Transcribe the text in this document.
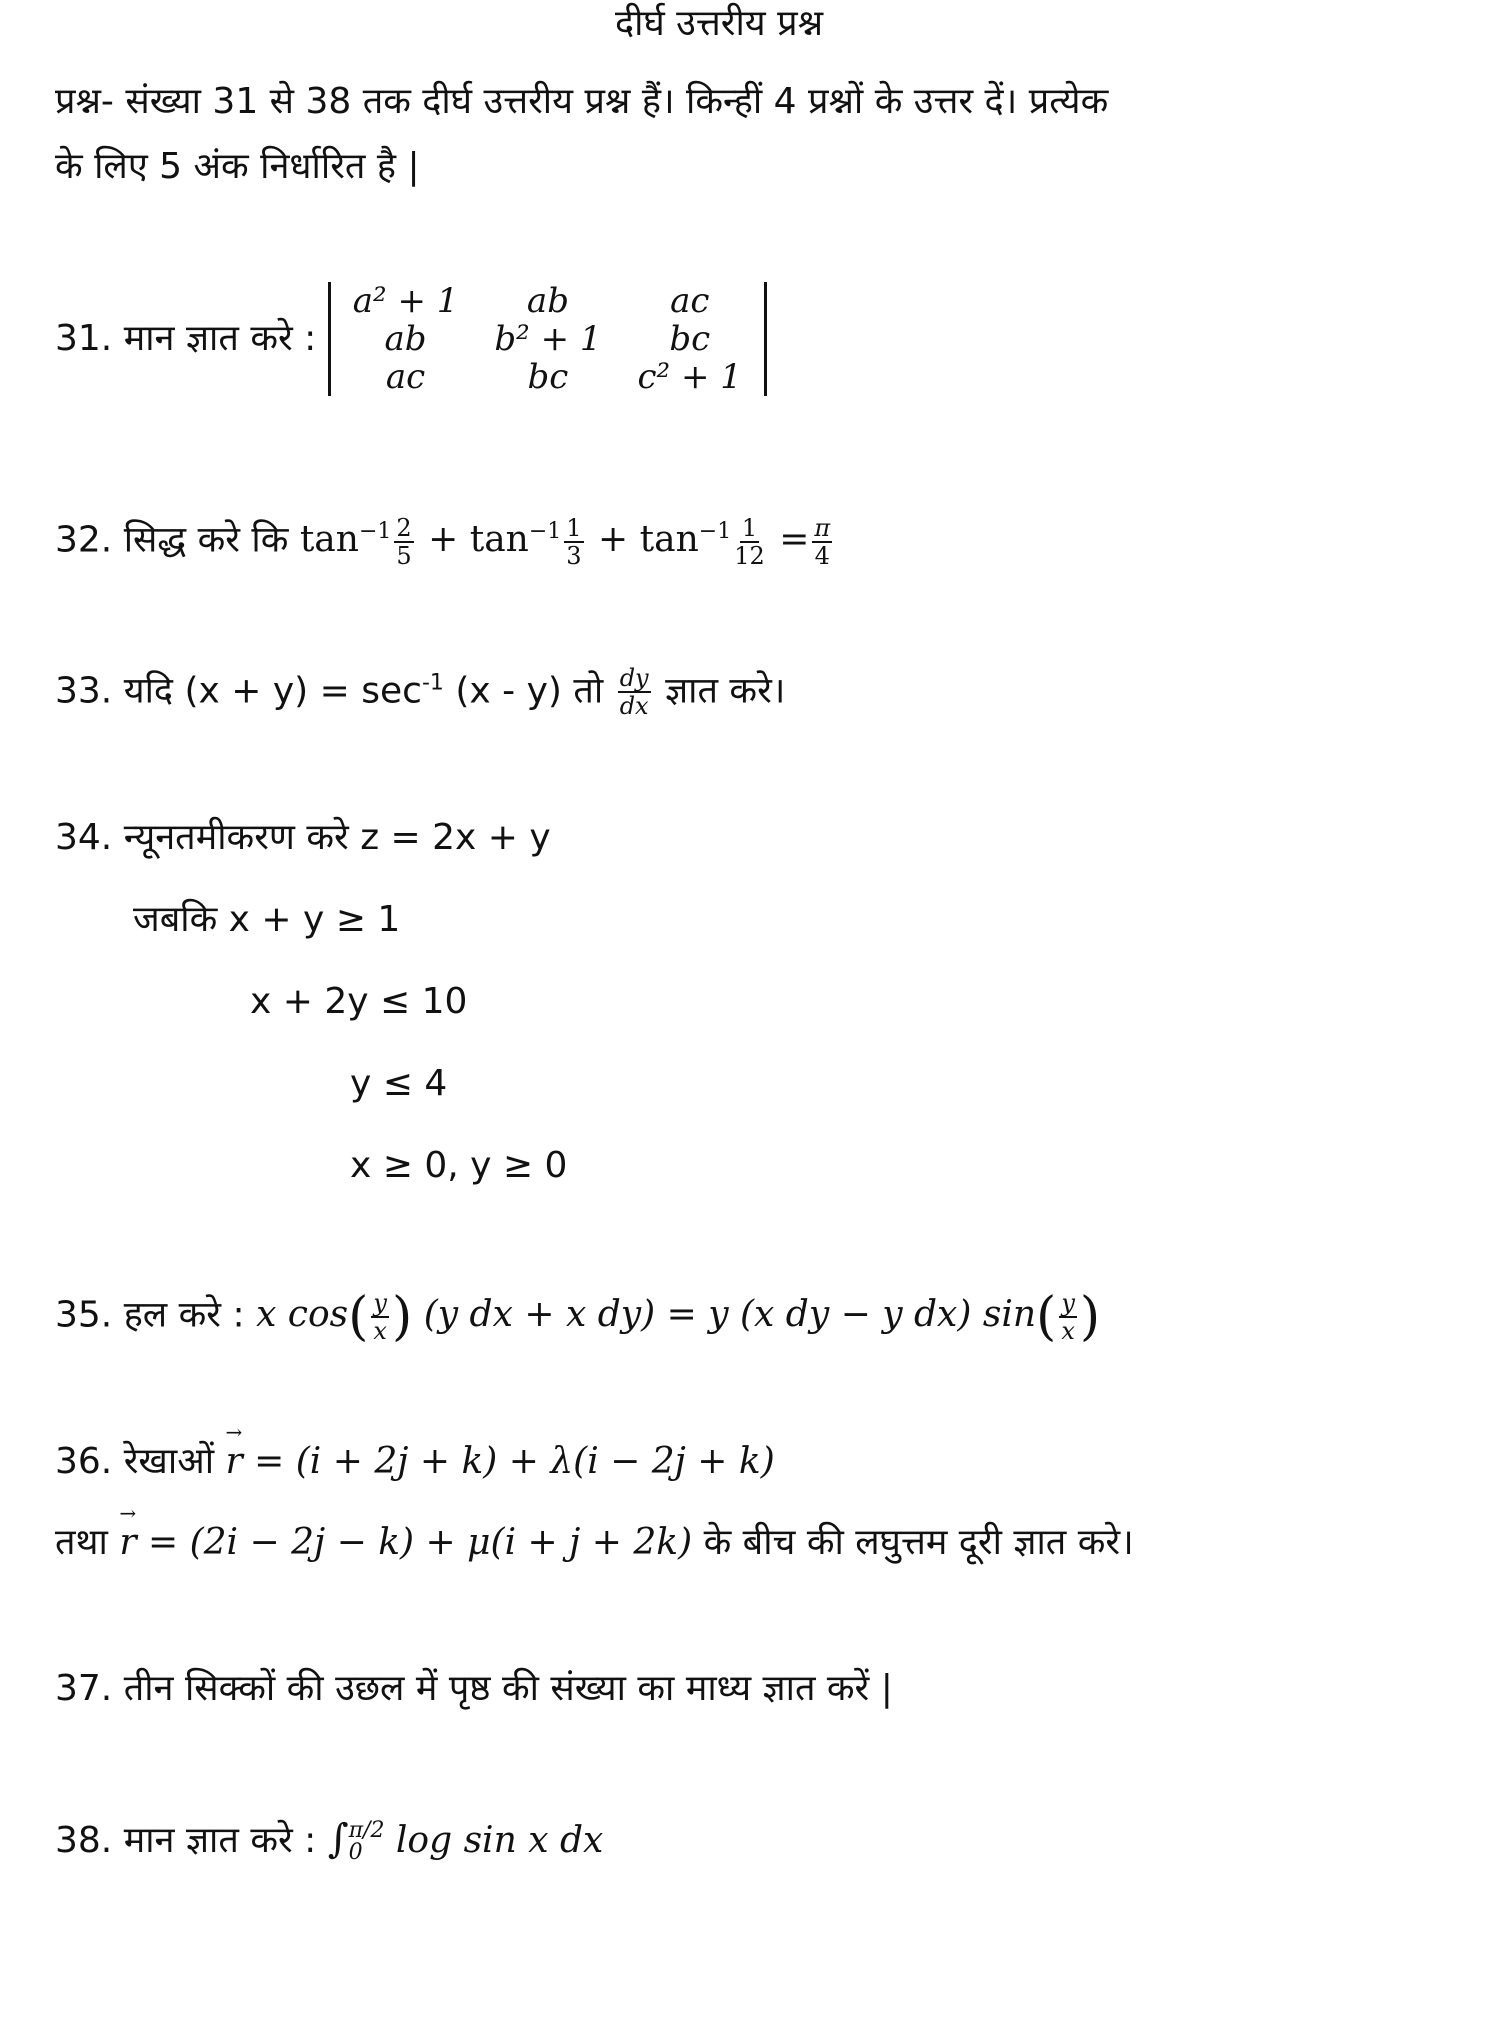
दीर्घ उत्तरीय प्रश्न
प्रश्न- संख्या 31 से 38 तक दीर्घ उत्तरीय प्रश्न हैं। किन्हीं 4 प्रश्नों के उत्तर दें। प्रत्येक
के लिए 5 अंक निर्धारित है |
31. मान ज्ञात करे :
a² + 1	ab	ac
ab	b² + 1	bc
ac	bc	c² + 1
32. सिद्ध करे कि $\tan^{-1} \frac{2}{5} + \tan^{-1} \frac{1}{3} + \tan^{-1} \frac{1}{12} = \frac{\pi}{4}$
33. यदि $(x + y) = \sec^{-1} (x - y)$ तो $\frac{dy}{dx}$ ज्ञात करे।
34. न्यूनतमीकरण करे z = 2x + y
जबकि x + y ≥ 1
x + 2y ≤ 10
y ≤ 4
x ≥ 0, y ≥ 0
35. हल करे : x $\cos( \frac{y}{x}$ ) (y dx + x dy) = y (x dy − y dx) $\sin( \frac{y}{x}$ )
36. रेखाओं → r = (i + 2j + k) + λ(i − 2j + k)
तथा → r = (2i − 2j − k) + μ(i + j + 2k) के बीच की लघुत्तम दूरी ज्ञात करे।
37. तीन सिक्कों की उछल में पृष्ठ की संख्या का माध्य ज्ञात करें |
38. मान ज्ञात करे : ∫ π/2
0 log sin x dx
